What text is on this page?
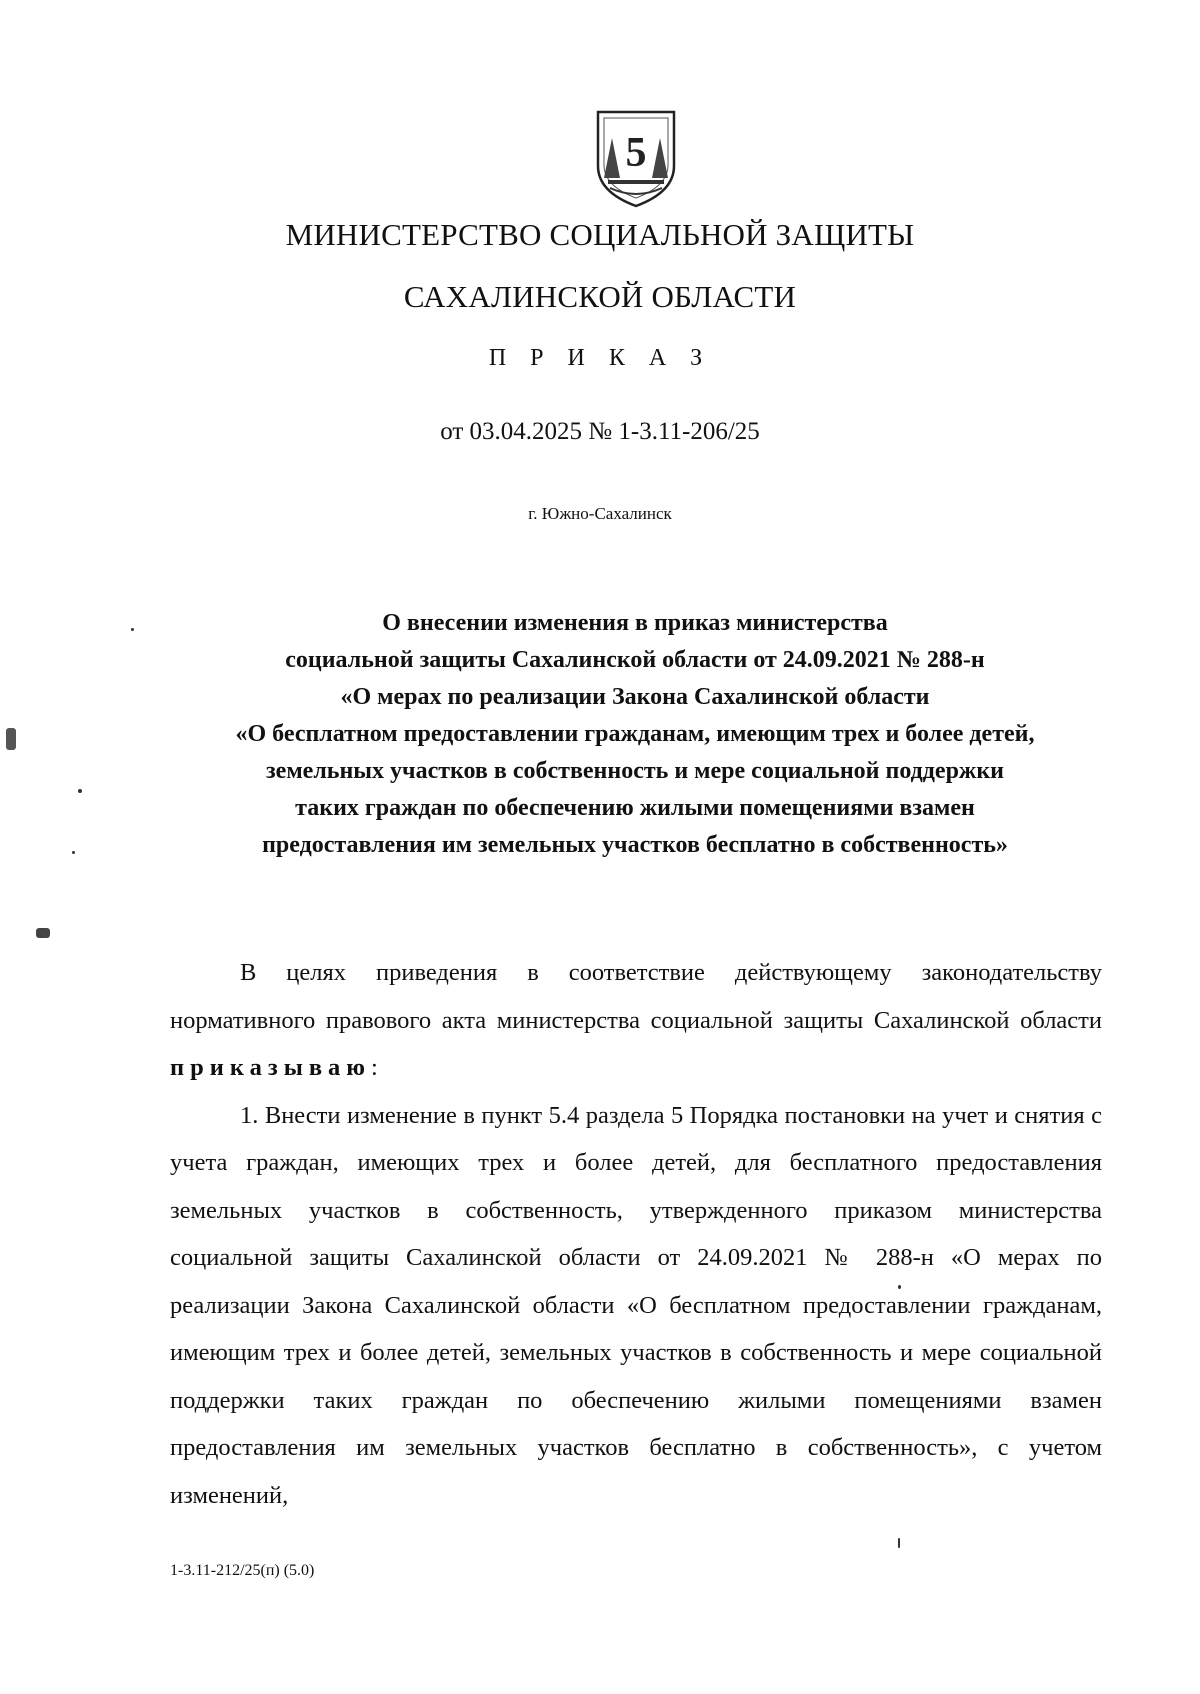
5
МИНИСТЕРСТВО СОЦИАЛЬНОЙ ЗАЩИТЫ
САХАЛИНСКОЙ ОБЛАСТИ
П Р И К А З
от 03.04.2025 № 1-3.11-206/25
г. Южно-Сахалинск
О внесении изменения в приказ министерства
социальной защиты Сахалинской области от 24.09.2021 № 288-н
«О мерах по реализации Закона Сахалинской области
«О бесплатном предоставлении гражданам, имеющим трех и более детей,
земельных участков в собственность и мере социальной поддержки
таких граждан по обеспечению жилыми помещениями взамен
предоставления им земельных участков бесплатно в собственность»

В целях приведения в соответствие действующему законодательству нормативного правового акта министерства социальной защиты Сахалинской области приказываю:

1. Внести изменение в пункт 5.4 раздела 5 Порядка постановки на учет и снятия с учета граждан, имеющих трех и более детей, для бесплатного предоставления земельных участков в собственность, утвержденного приказом министерства социальной защиты Сахалинской области от 24.09.2021 № 288-н «О мерах по реализации Закона Сахалинской области «О бесплатном предоставлении гражданам, имеющим трех и более детей, земельных участков в собственность и мере социальной поддержки таких граждан по обеспечению жилыми помещениями взамен предоставления им земельных участков бесплатно в собственность», с учетом изменений,

1-3.11-212/25(п) (5.0)
